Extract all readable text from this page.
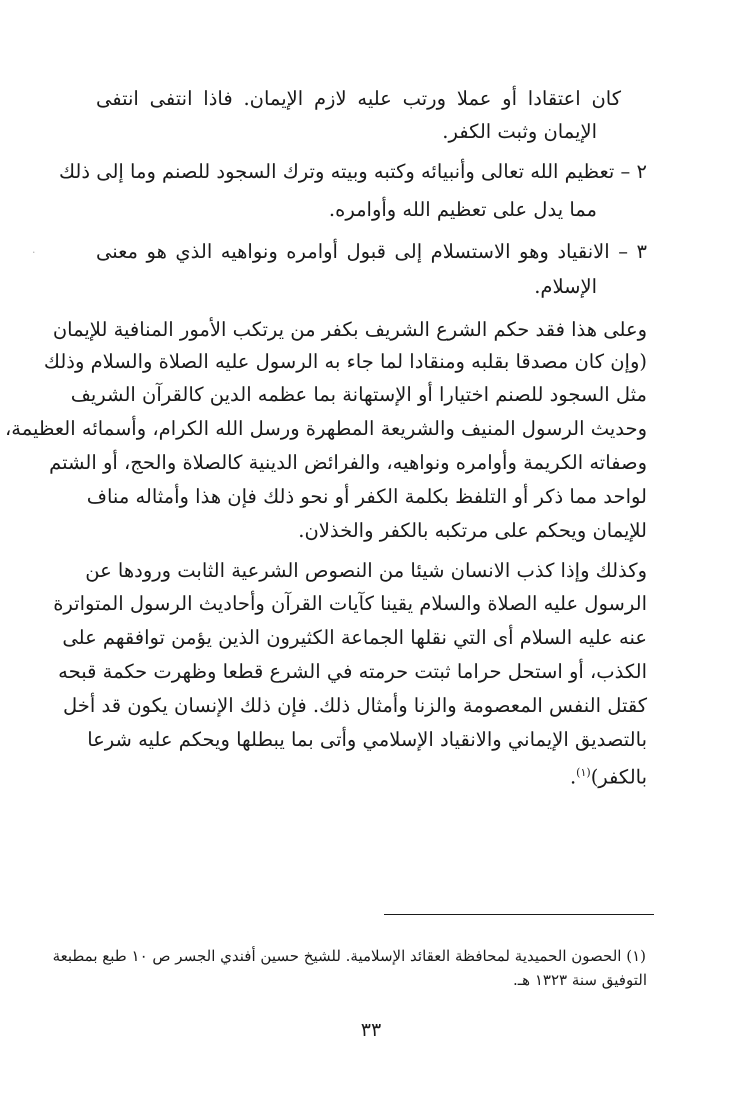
كان اعتقادا أو عملا ورتب عليه لازم الإيمان. فاذا انتفى انتفى
الإيمان وثبت الكفر.
٢ – تعظيم الله تعالى وأنبيائه وكتبه وبيته وترك السجود للصنم وما إلى ذلك
مما يدل على تعظيم الله وأوامره.
٣ – الانقياد وهو الاستسلام إلى قبول أوامره ونواهيه الذي هو معنى
الإسلام.
وعلى هذا فقد حكم الشرع الشريف بكفر من يرتكب الأمور المنافية للإيمان
(وإن كان مصدقا بقلبه ومنقادا لما جاء به الرسول عليه الصلاة والسلام وذلك
مثل السجود للصنم اختيارا أو الإستهانة بما عظمه الدين كالقرآن الشريف
وحديث الرسول المنيف والشريعة المطهرة ورسل الله الكرام، وأسمائه العظيمة،
وصفاته الكريمة وأوامره ونواهيه، والفرائض الدينية كالصلاة والحج، أو الشتم
لواحد مما ذكر أو التلفظ بكلمة الكفر أو نحو ذلك فإن هذا وأمثاله مناف
للإيمان ويحكم على مرتكبه بالكفر والخذلان.
وكذلك وإذا كذب الانسان شيئا من النصوص الشرعية الثابت ورودها عن
الرسول عليه الصلاة والسلام يقينا كآيات القرآن وأحاديث الرسول المتواترة
عنه عليه السلام أى التي نقلها الجماعة الكثيرون الذين يؤمن توافقهم على
الكذب، أو استحل حراما ثبتت حرمته في الشرع قطعا وظهرت حكمة قبحه
كقتل النفس المعصومة والزنا وأمثال ذلك. فإن ذلك الإنسان يكون قد أخل
بالتصديق الإيماني والانقياد الإسلامي وأتى بما يبطلها ويحكم عليه شرعا
بالكفر)$^{(١)}$.
(١) الحصون الحميدية لمحافظة العقائد الإسلامية. للشيخ حسين أفندي الجسر ص ١٠ طبع بمطبعة
التوفيق سنة ١٣٢٣ هـ.
٣٣
·
